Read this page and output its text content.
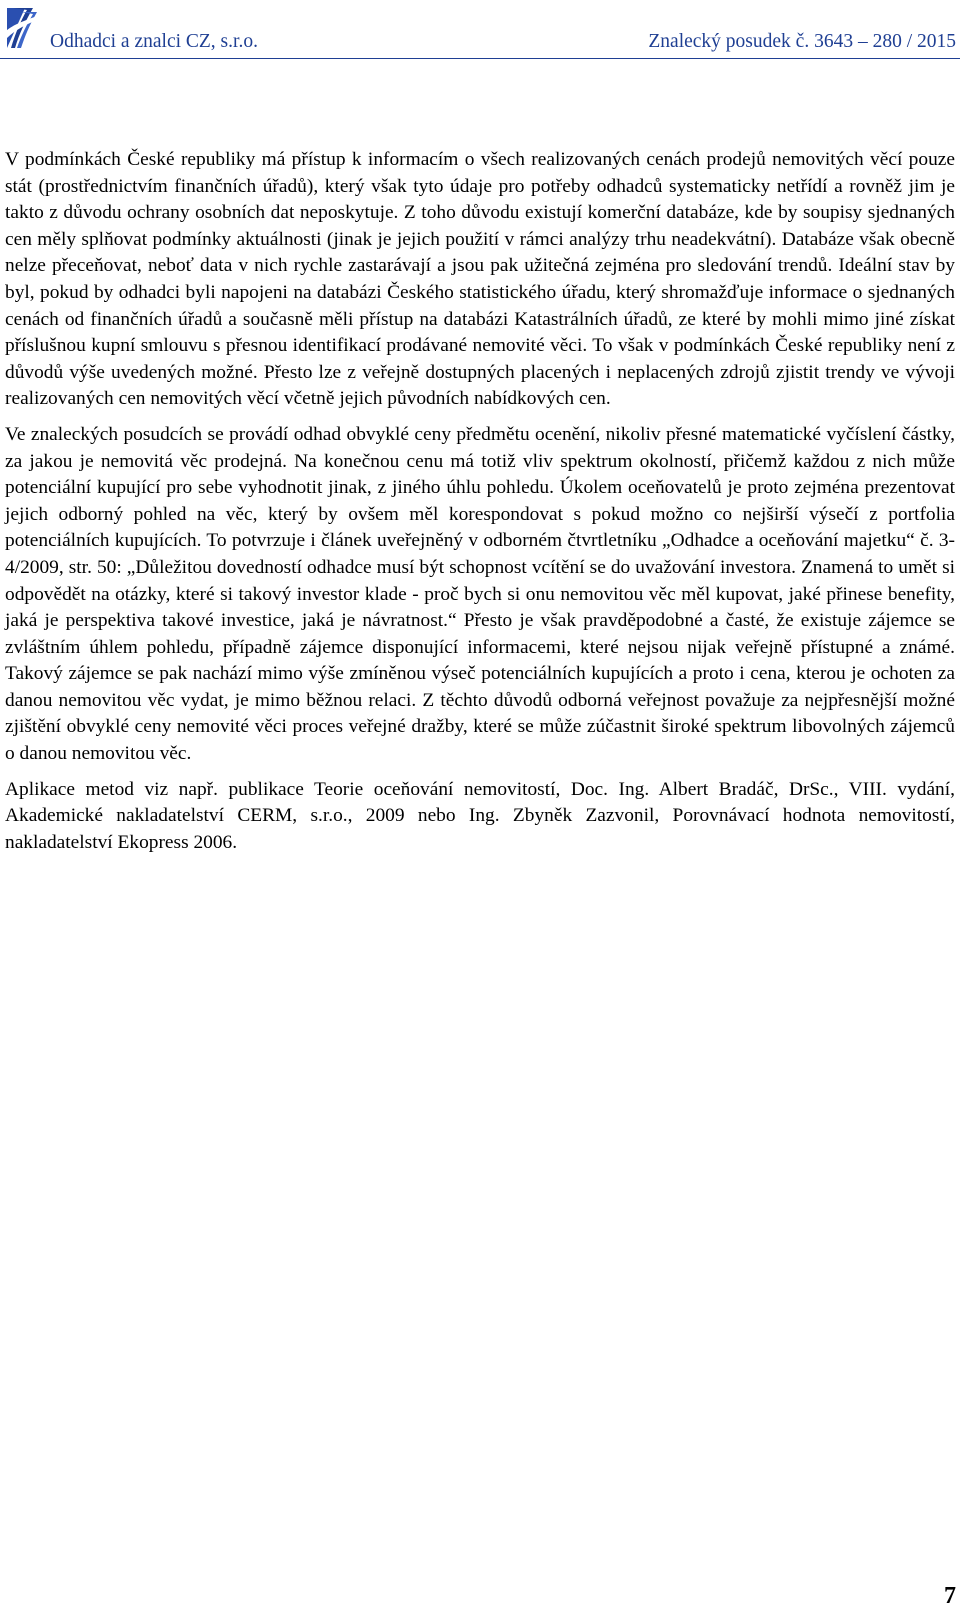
Odhadci a znalci CZ, s.r.o.	Znalecký posudek č. 3643 – 280 / 2015

V podmínkách České republiky má přístup k informacím o všech realizovaných cenách prodejů nemovitých věcí pouze stát (prostřednictvím finančních úřadů), který však tyto údaje pro potřeby odhadců systematicky netřídí a rovněž jim je takto z důvodu ochrany osobních dat neposkytuje. Z toho důvodu existují komerční databáze, kde by soupisy sjednaných cen měly splňovat podmínky aktuálnosti (jinak je jejich použití v rámci analýzy trhu neadekvátní). Databáze však obecně nelze přeceňovat, neboť data v nich rychle zastarávají a jsou pak užitečná zejména pro sledování trendů. Ideální stav by byl, pokud by odhadci byli napojeni na databázi Českého statistického úřadu, který shromažďuje informace o sjednaných cenách od finančních úřadů a současně měli přístup na databázi Katastrálních úřadů, ze které by mohli mimo jiné získat příslušnou kupní smlouvu s přesnou identifikací prodávané nemovité věci. To však v podmínkách České republiky není z důvodů výše uvedených možné. Přesto lze z veřejně dostupných placených i neplacených zdrojů zjistit trendy ve vývoji realizovaných cen nemovitých věcí včetně jejich původních nabídkových cen.

Ve znaleckých posudcích se provádí odhad obvyklé ceny předmětu ocenění, nikoliv přesné matematické vyčíslení částky, za jakou je nemovitá věc prodejná. Na konečnou cenu má totiž vliv spektrum okolností, přičemž každou z nich může potenciální kupující pro sebe vyhodnotit jinak, z jiného úhlu pohledu. Úkolem oceňovatelů je proto zejména prezentovat jejich odborný pohled na věc, který by ovšem měl korespondovat s pokud možno co nejširší výsečí z portfolia potenciálních kupujících. To potvrzuje i článek uveřejněný v odborném čtvrtletníku „Odhadce a oceňování majetku“ č. 3-4/2009, str. 50: „Důležitou dovedností odhadce musí být schopnost vcítění se do uvažování investora. Znamená to umět si odpovědět na otázky, které si takový investor klade - proč bych si onu nemovitou věc měl kupovat, jaké přinese benefity, jaká je perspektiva takové investice, jaká je návratnost.“ Přesto je však pravděpodobné a časté, že existuje zájemce se zvláštním úhlem pohledu, případně zájemce disponující informacemi, které nejsou nijak veřejně přístupné a známé. Takový zájemce se pak nachází mimo výše zmíněnou výseč potenciálních kupujících a proto i cena, kterou je ochoten za danou nemovitou věc vydat, je mimo běžnou relaci. Z těchto důvodů odborná veřejnost považuje za nejpřesnější možné zjištění obvyklé ceny nemovité věci proces veřejné dražby, které se může zúčastnit široké spektrum libovolných zájemců o danou nemovitou věc.

Aplikace metod viz např. publikace Teorie oceňování nemovitostí, Doc. Ing. Albert Bradáč, DrSc., VIII. vydání, Akademické nakladatelství CERM, s.r.o., 2009 nebo Ing. Zbyněk Zazvonil, Porovnávací hodnota nemovitostí, nakladatelství Ekopress 2006.

7
